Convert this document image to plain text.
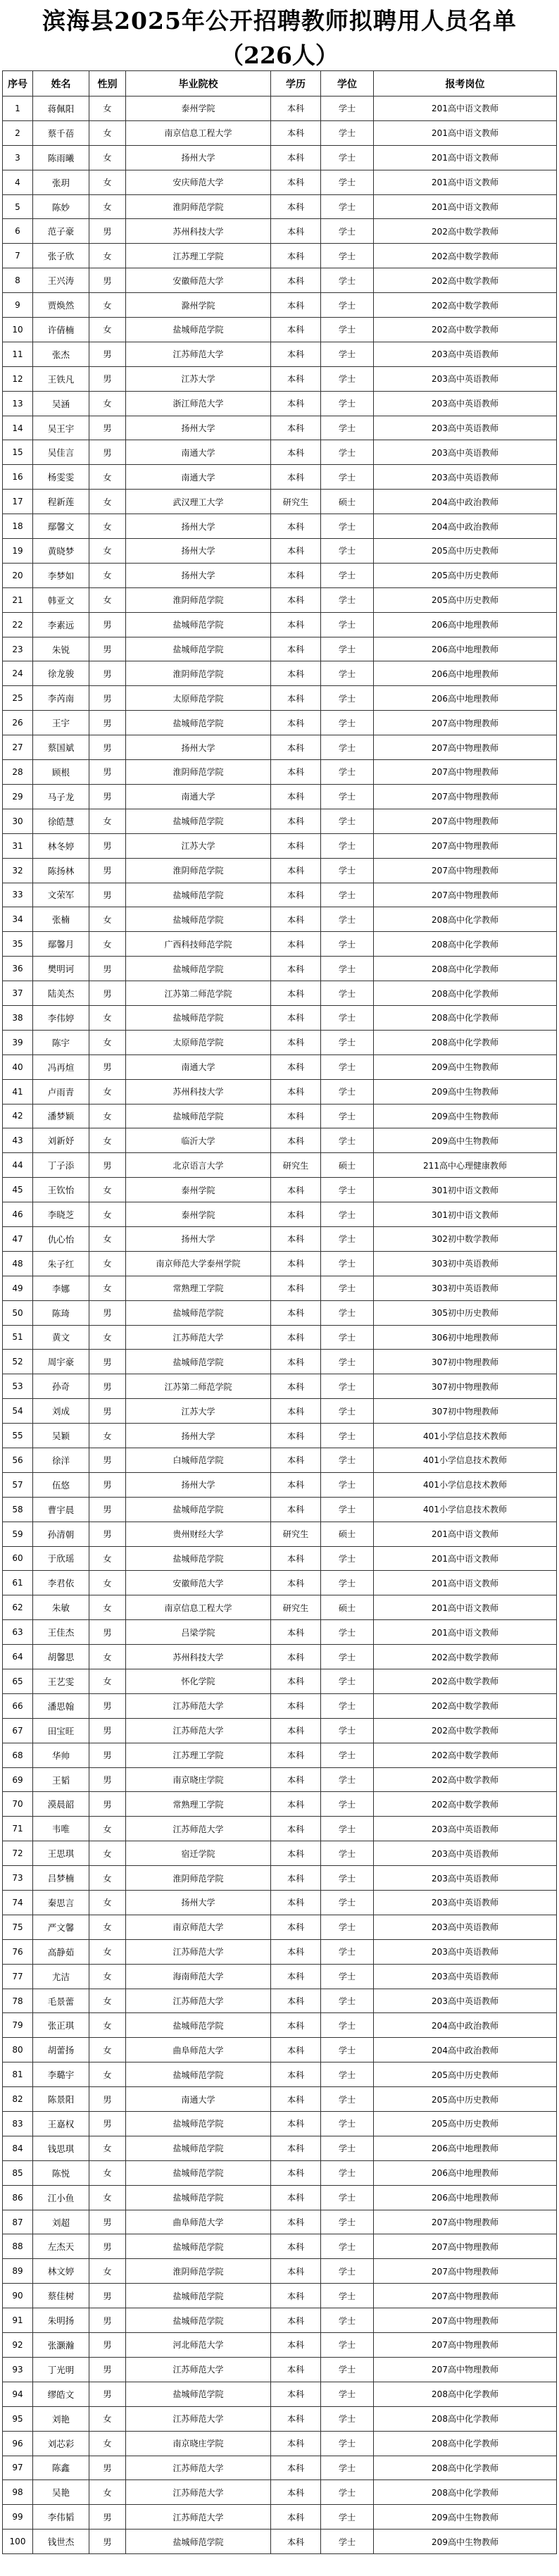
滨海县2025年公开招聘教师拟聘用人员名单
（226人）
序号	姓名	性别	毕业院校	学历	学位	报考岗位
1	蒋佩阳	女	泰州学院	本科	学士	201高中语文教师
2	蔡千蓓	女	南京信息工程大学	本科	学士	201高中语文教师
3	陈雨曦	女	扬州大学	本科	学士	201高中语文教师
4	张玥	女	安庆师范大学	本科	学士	201高中语文教师
5	陈妙	女	淮阴师范学院	本科	学士	201高中语文教师
6	范子豪	男	苏州科技大学	本科	学士	202高中数学教师
7	张子欣	女	江苏理工学院	本科	学士	202高中数学教师
8	王兴涛	男	安徽师范大学	本科	学士	202高中数学教师
9	贾焕然	女	滁州学院	本科	学士	202高中数学教师
10	许倩楠	女	盐城师范学院	本科	学士	202高中数学教师
11	张杰	男	江苏师范大学	本科	学士	203高中英语教师
12	王铁凡	男	江苏大学	本科	学士	203高中英语教师
13	吴涵	女	浙江师范大学	本科	学士	203高中英语教师
14	吴王宇	男	扬州大学	本科	学士	203高中英语教师
15	吴佳言	男	南通大学	本科	学士	203高中英语教师
16	杨雯雯	女	南通大学	本科	学士	203高中英语教师
17	程新莲	女	武汉理工大学	研究生	硕士	204高中政治教师
18	鄢馨文	女	扬州大学	本科	学士	204高中政治教师
19	黄晓梦	女	扬州大学	本科	学士	205高中历史教师
20	李梦如	女	扬州大学	本科	学士	205高中历史教师
21	韩亚文	女	淮阴师范学院	本科	学士	205高中历史教师
22	李素远	男	盐城师范学院	本科	学士	206高中地理教师
23	朱锐	男	盐城师范学院	本科	学士	206高中地理教师
24	徐龙骏	男	淮阴师范学院	本科	学士	206高中地理教师
25	李芮南	男	太原师范学院	本科	学士	206高中地理教师
26	王宇	男	盐城师范学院	本科	学士	207高中物理教师
27	蔡国斌	男	扬州大学	本科	学士	207高中物理教师
28	顾根	男	淮阴师范学院	本科	学士	207高中物理教师
29	马子龙	男	南通大学	本科	学士	207高中物理教师
30	徐皓慧	女	盐城师范学院	本科	学士	207高中物理教师
31	林冬婷	男	江苏大学	本科	学士	207高中物理教师
32	陈扬林	男	淮阴师范学院	本科	学士	207高中物理教师
33	文荣军	男	盐城师范学院	本科	学士	207高中物理教师
34	张楠	女	盐城师范学院	本科	学士	208高中化学教师
35	鄢馨月	女	广西科技师范学院	本科	学士	208高中化学教师
36	樊明诃	男	盐城师范学院	本科	学士	208高中化学教师
37	陆美杰	男	江苏第二师范学院	本科	学士	208高中化学教师
38	李伟婷	女	盐城师范学院	本科	学士	208高中化学教师
39	陈宇	女	太原师范学院	本科	学士	208高中化学教师
40	冯再煊	男	南通大学	本科	学士	209高中生物教师
41	卢雨青	女	苏州科技大学	本科	学士	209高中生物教师
42	潘梦颖	女	盐城师范学院	本科	学士	209高中生物教师
43	刘新妤	女	临沂大学	本科	学士	209高中生物教师
44	丁子添	男	北京语言大学	研究生	硕士	211高中心理健康教师
45	王钦怡	女	泰州学院	本科	学士	301初中语文教师
46	李晓芝	女	泰州学院	本科	学士	301初中语文教师
47	仇心怡	女	扬州大学	本科	学士	302初中数学教师
48	朱子红	女	南京师范大学泰州学院	本科	学士	303初中英语教师
49	李娜	女	常熟理工学院	本科	学士	303初中英语教师
50	陈琦	男	盐城师范学院	本科	学士	305初中历史教师
51	黄文	女	江苏师范大学	本科	学士	306初中地理教师
52	周宇豪	男	盐城师范学院	本科	学士	307初中物理教师
53	孙奇	男	江苏第二师范学院	本科	学士	307初中物理教师
54	刘成	男	江苏大学	本科	学士	307初中物理教师
55	吴颖	女	扬州大学	本科	学士	401小学信息技术教师
56	徐洋	男	白城师范学院	本科	学士	401小学信息技术教师
57	伍悠	男	扬州大学	本科	学士	401小学信息技术教师
58	曹宇晨	男	盐城师范学院	本科	学士	401小学信息技术教师
59	孙清朝	男	贵州财经大学	研究生	硕士	201高中语文教师
60	于欣瑶	女	盐城师范学院	本科	学士	201高中语文教师
61	李君依	女	安徽师范大学	本科	学士	201高中语文教师
62	朱敏	女	南京信息工程大学	研究生	硕士	201高中语文教师
63	王佳杰	男	吕梁学院	本科	学士	201高中语文教师
64	胡馨思	女	苏州科技大学	本科	学士	202高中数学教师
65	王艺雯	女	怀化学院	本科	学士	202高中数学教师
66	潘思翰	男	江苏师范大学	本科	学士	202高中数学教师
67	田宝旺	男	江苏师范大学	本科	学士	202高中数学教师
68	华帅	男	江苏理工学院	本科	学士	202高中数学教师
69	王韬	男	南京晓庄学院	本科	学士	202高中数学教师
70	漠晨韶	男	常熟理工学院	本科	学士	202高中数学教师
71	韦唯	女	江苏师范大学	本科	学士	203高中英语教师
72	王思琪	女	宿迁学院	本科	学士	203高中英语教师
73	吕梦楠	女	淮阴师范学院	本科	学士	203高中英语教师
74	秦思言	女	扬州大学	本科	学士	203高中英语教师
75	严文馨	女	南京师范大学	本科	学士	203高中英语教师
76	高静茹	女	江苏师范大学	本科	学士	203高中英语教师
77	尤洁	女	海南师范大学	本科	学士	203高中英语教师
78	毛景蕾	女	江苏师范大学	本科	学士	203高中英语教师
79	张正琪	女	盐城师范学院	本科	学士	204高中政治教师
80	胡蕾扬	女	曲阜师范大学	本科	学士	204高中政治教师
81	李璐宇	女	盐城师范学院	本科	学士	205高中历史教师
82	陈景阳	男	南通大学	本科	学士	205高中历史教师
83	王嘉权	男	盐城师范学院	本科	学士	205高中历史教师
84	钱思琪	女	盐城师范学院	本科	学士	206高中地理教师
85	陈悦	女	盐城师范学院	本科	学士	206高中地理教师
86	江小鱼	女	盐城师范学院	本科	学士	206高中地理教师
87	刘超	男	曲阜师范大学	本科	学士	207高中物理教师
88	左杰天	男	盐城师范学院	本科	学士	207高中物理教师
89	林文婷	女	淮阴师范学院	本科	学士	207高中物理教师
90	蔡佳树	男	盐城师范学院	本科	学士	207高中物理教师
91	朱明扬	男	盐城师范学院	本科	学士	207高中物理教师
92	张灏瀚	男	河北师范大学	本科	学士	207高中物理教师
93	丁光明	男	江苏师范大学	本科	学士	207高中物理教师
94	缪皓文	男	盐城师范学院	本科	学士	208高中化学教师
95	刘艳	女	江苏师范大学	本科	学士	208高中化学教师
96	刘芯彩	女	南京晓庄学院	本科	学士	208高中化学教师
97	陈鑫	男	江苏师范大学	本科	学士	208高中化学教师
98	吴艳	女	江苏师范大学	本科	学士	208高中化学教师
99	李伟韬	男	江苏师范大学	本科	学士	209高中生物教师
100	钱世杰	男	盐城师范学院	本科	学士	209高中生物教师
